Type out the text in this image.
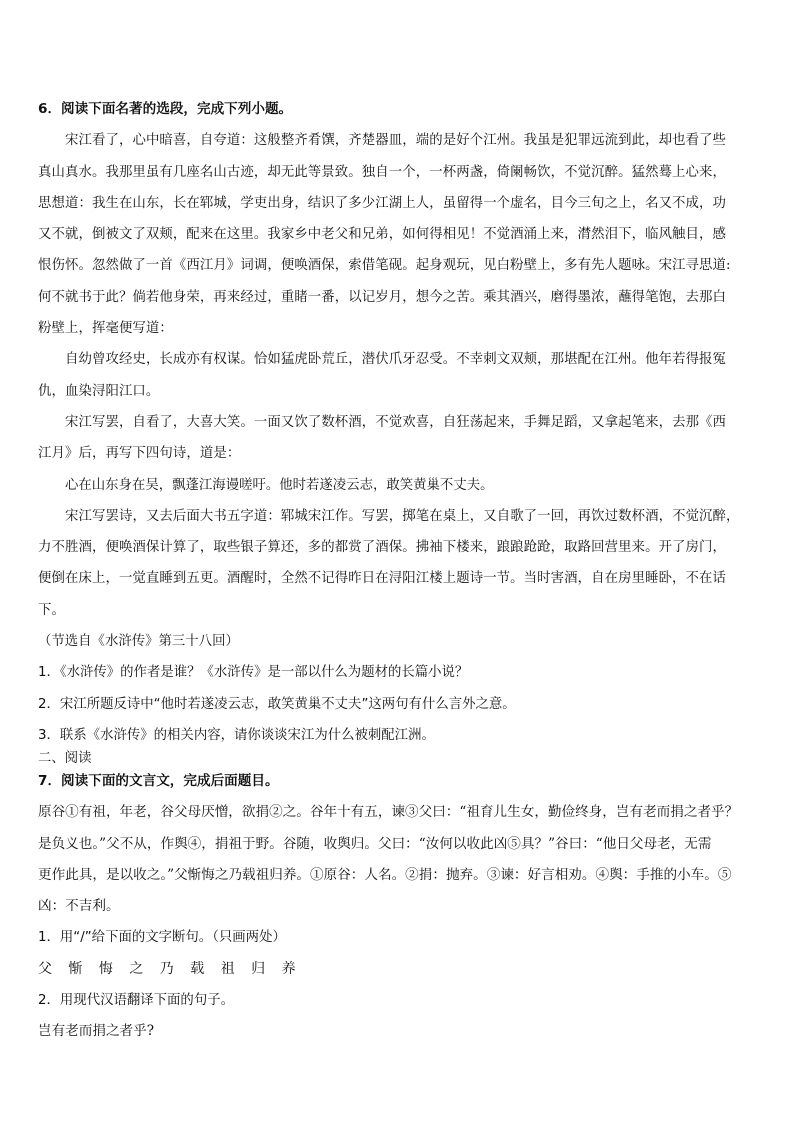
6．阅读下面名著的选段，完成下列小题。
宋江看了，心中暗喜，自夸道：这般整齐肴馔，齐楚器皿，端的是好个江州。我虽是犯罪远流到此，却也看了些
真山真水。我那里虽有几座名山古迹，却无此等景致。独自一个，一杯两盏，倚阑畅饮，不觉沉醉。猛然蓦上心来，
思想道：我生在山东，长在郓城，学吏出身，结识了多少江湖上人，虽留得一个虚名，目今三旬之上，名又不成，功
又不就，倒被文了双颊，配来在这里。我家乡中老父和兄弟，如何得相见！不觉酒涌上来，潸然泪下，临风触目，感
恨伤怀。忽然做了一首《西江月》词调，便唤酒保，索借笔砚。起身观玩，见白粉壁上，多有先人题咏。宋江寻思道:
何不就书于此？倘若他身荣，再来经过，重睹一番，以记岁月，想今之苦。乘其酒兴，磨得墨浓，蘸得笔饱，去那白
粉壁上，挥毫便写道：
自幼曾攻经史，长成亦有权谋。恰如猛虎卧荒丘，潜伏爪牙忍受。不幸刺文双颊，那堪配在江州。他年若得报冤
仇，血染浔阳江口。
宋江写罢，自看了，大喜大笑。一面又饮了数杯酒，不觉欢喜，自狂荡起来，手舞足蹈，又拿起笔来，去那《西
江月》后，再写下四句诗，道是：
心在山东身在吴，飘蓬江海谩嗟吁。他时若遂凌云志，敢笑黄巢不丈夫。
宋江写罢诗，又去后面大书五字道：郓城宋江作。写罢，掷笔在桌上，又自歌了一回，再饮过数杯酒，不觉沉醉，
力不胜酒，便唤酒保计算了，取些银子算还，多的都赏了酒保。拂袖下楼来，踉踉跄跄，取路回营里来。开了房门，
便倒在床上，一觉直睡到五更。酒醒时，全然不记得昨日在浔阳江楼上题诗一节。当时害酒，自在房里睡卧，不在话
下。
（节选自《水浒传》第三十八回）
1．《水浒传》的作者是谁？《水浒传》是一部以什么为题材的长篇小说？
2．宋江所题反诗中“他时若遂凌云志，敢笑黄巢不丈夫”这两句有什么言外之意。
3．联系《水浒传》的相关内容，请你谈谈宋江为什么被刺配江洲。
二、阅读
7．阅读下面的文言文，完成后面题目。
原谷①有祖，年老，谷父母厌憎，欲捐②之。谷年十有五，谏③父曰：“祖育儿生女，勤俭终身，岂有老而捐之者乎？
是负义也。”父不从，作舆④，捐祖于野。谷随，收舆归。父曰：“汝何以收此凶⑤具？”谷曰：“他日父母老，无需
更作此具，是以收之。”父惭悔之乃载祖归养。①原谷：人名。②捐：抛弃。③谏：好言相劝。④舆：手推的小车。⑤
凶：不吉利。
1．用“/”给下面的文字断句。（只画两处）
父 惭 悔 之 乃 载 祖 归 养
2．用现代汉语翻译下面的句子。
岂有老而捐之者乎?
